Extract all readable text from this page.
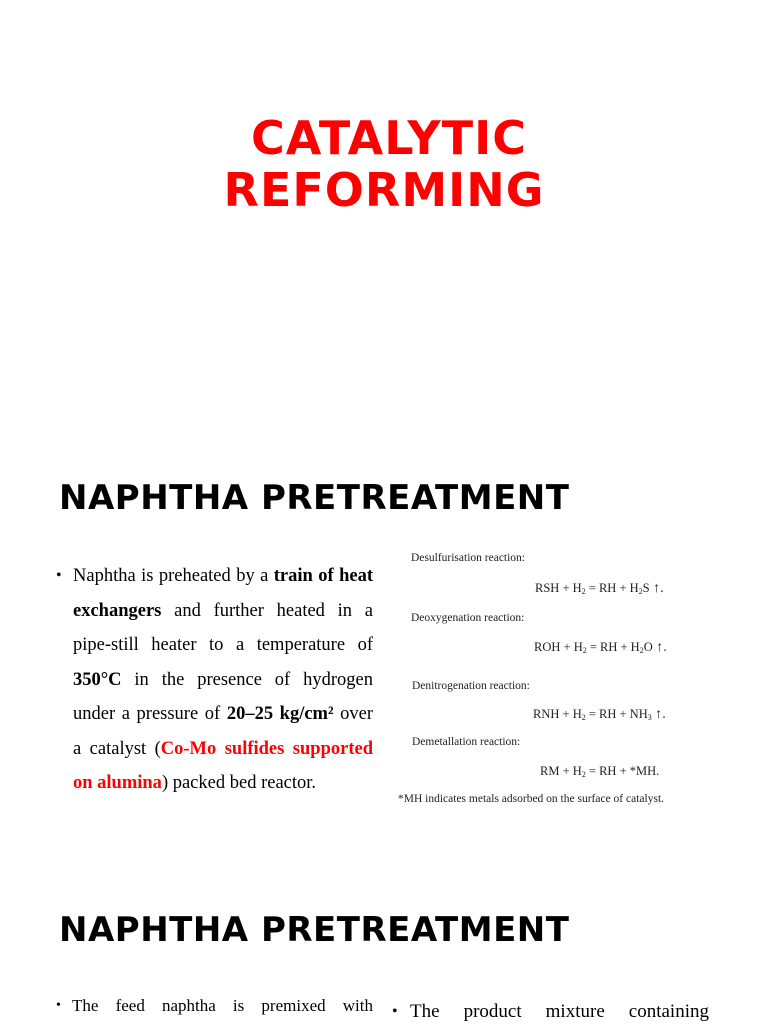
CATALYTIC
REFORMING
NAPHTHA PRETREATMENT
• Naphtha is preheated by a train of heat exchangers and further heated in a pipe-still heater to a temperature of 350°C in the presence of hydrogen under a pressure of 20–25 kg/cm² over a catalyst (Co-Mo sulfides supported on alumina) packed bed reactor.
Desulfurisation reaction:
RSH + $H_2$ = RH + $H_2S$ ↑.
Deoxygenation reaction:
ROH + $H_2$ = RH + $H_2O$ ↑.
Denitrogenation reaction:
RNH + $H_2$ = RH + $NH_3$ ↑.
Demetallation reaction:
RM + $H_2$ = RH + *MH.
*MH indicates metals adsorbed on the surface of catalyst.
NAPHTHA PRETREATMENT
• The feed naphtha is premixed with • The product mixture containing
